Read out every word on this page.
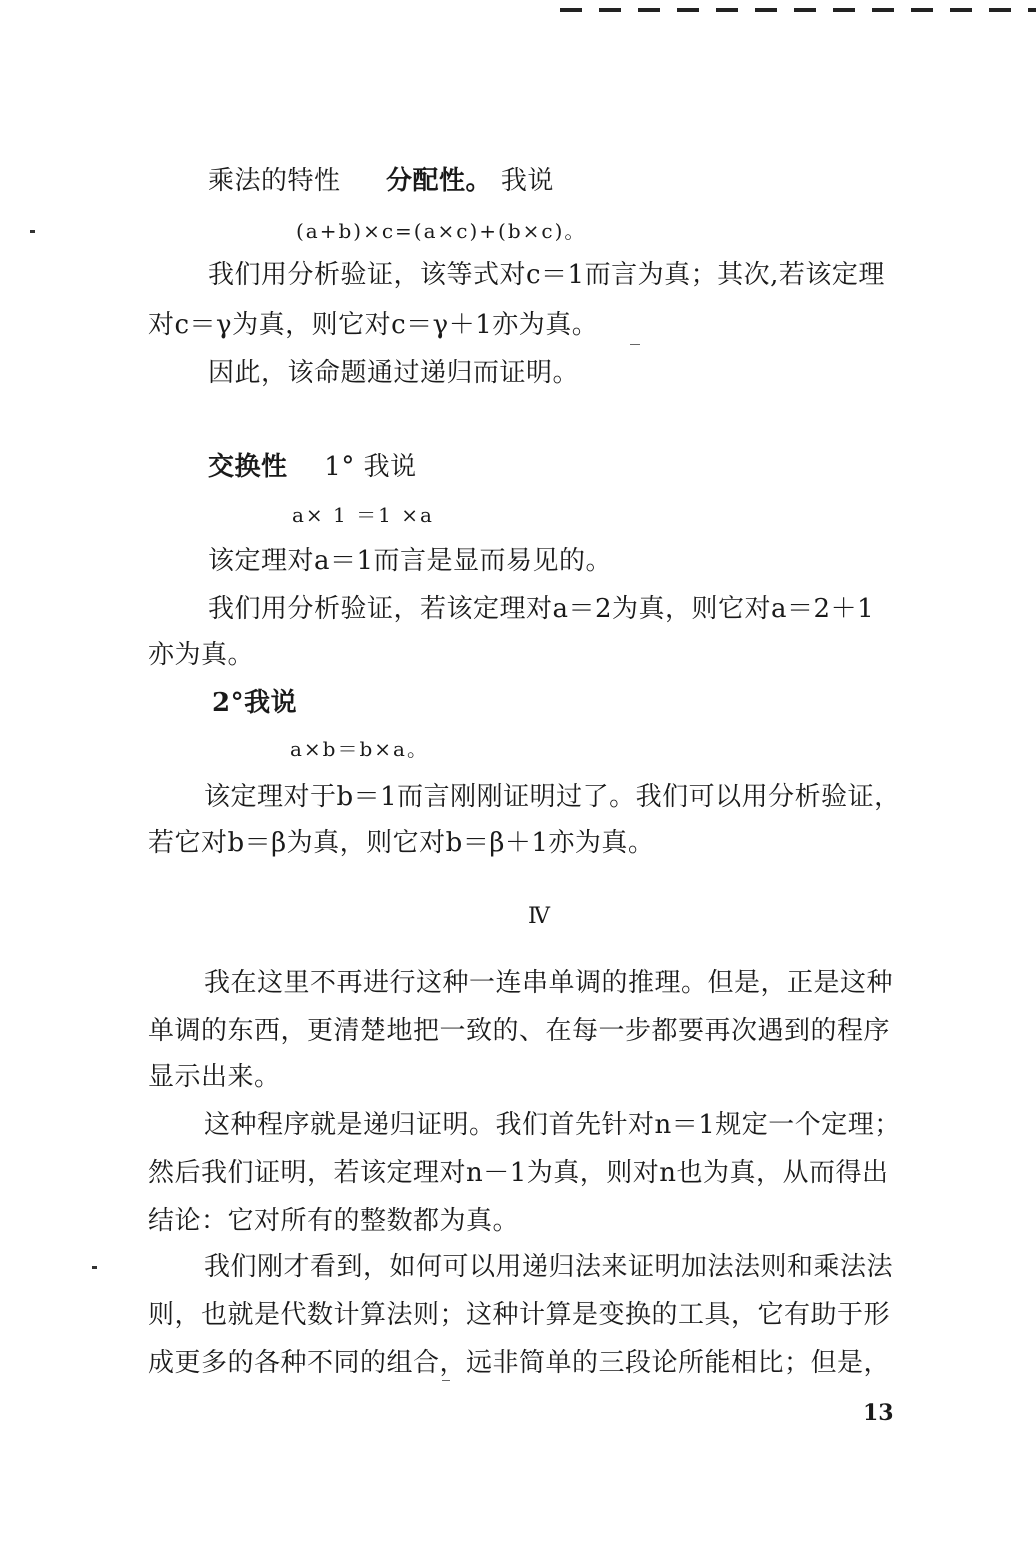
乘法的特性 分配性。 我说
(a+b)×c=(a×c)+(b×c)。
我们用分析验证，该等式对c＝1而言为真；其次,若该定理
对c＝γ为真，则它对c＝γ＋1亦为真。
因此，该命题通过递归而证明。
交换性 1° 我说
a× 1 ＝1 ×a
该定理对a＝1而言是显而易见的。
我们用分析验证，若该定理对a＝2为真，则它对a＝2＋1
亦为真。
2°我说
a×b＝b×a。
该定理对于b＝1而言刚刚证明过了。我们可以用分析验证，
若它对b＝β为真，则它对b＝β＋1亦为真。
Ⅳ
我在这里不再进行这种一连串单调的推理。但是，正是这种
单调的东西，更清楚地把一致的、在每一步都要再次遇到的程序
显示出来。
这种程序就是递归证明。我们首先针对n＝1规定一个定理；
然后我们证明，若该定理对n－1为真，则对n也为真，从而得出
结论：它对所有的整数都为真。
我们刚才看到，如何可以用递归法来证明加法法则和乘法法
则，也就是代数计算法则；这种计算是变换的工具，它有助于形
成更多的各种不同的组合，远非简单的三段论所能相比；但是，
13
